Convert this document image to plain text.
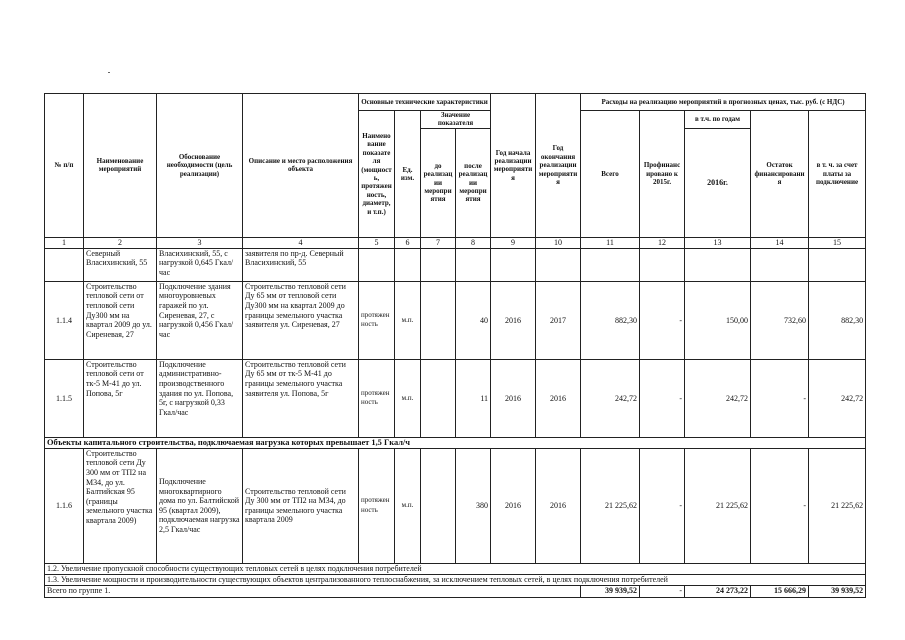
№ п/п	Наименование мероприятий	Обоснование необходимости (цель реализации)	Описание и место расположения объекта	Основные технические характеристики				Год начала реализации мероприятия	Год окончания реализации мероприятия	Расходы на реализацию мероприятий в прогнозных ценах, тыс. руб. (с НДС)				
				Наименование показателя (мощность, протяженность, диаметр, и т.п.)	Ед. изм.	Значение показателя				Всего	Профинансировано к 2015г.	в т.ч. по годам	Остаток финансирования	в т. ч. за счет платы за подключение
						до реализации мероприятия	после реализации мероприятия					2016г.		

1	2	3	4	5	6	7	8	9	10	11	12	13	14	15
	Северный Власихинский, 55	Власихинский, 55, с нагрузкой 0,645 Гкал/час	заявителя по пр-д. Северный Власихинский, 55											
1.1.4	Строительство тепловой сети от тепловой сети Ду300 мм на квартал 2009 до ул. Сиреневая, 27	Подключение здания многоуровневых гаражей по ул. Сиреневая, 27, с нагрузкой 0,456 Гкал/час	Строительство тепловой сети Ду 65 мм от тепловой сети Ду300 мм на квартал 2009 до границы земельного участка заявителя ул. Сиреневая, 27	протяженность	м.п.		40	2016	2017	882,30	-	150,00	732,60	882,30
1.1.5	Строительство тепловой сети от тк-5 М-41 до ул. Попова, 5г	Подключение административно-производственного здания по ул. Попова, 5г, с нагрузкой 0,33 Гкал/час	Строительство тепловой сети Ду 65 мм от тк-5 М-41 до границы земельного участка заявителя ул. Попова, 5г	протяженность	м.п.		11	2016	2016	242,72	-	242,72	-	242,72
Объекты капитального строительства, подключаемая нагрузка которых превышает 1,5 Гкал/ч														
1.1.6	Строительство тепловой сети Ду 300 мм от ТП2 на М34, до ул. Балтийская 95 (границы земельного участка квартала 2009)	Подключение многоквартирного дома по ул. Балтийской 95 (квартал 2009), подключаемая нагрузка 2,5 Гкал/час	Строительство тепловой сети Ду 300 мм от ТП2 на М34, до границы земельного участка квартала 2009	протяженность	м.п.		380	2016	2016	21 225,62	-	21 225,62	-	21 225,62
1.2. Увеличение пропускной способности существующих тепловых сетей в целях подключения потребителей														
1.3. Увеличение мощности и производительности существующих объектов централизованного теплоснабжения, за исключением тепловых сетей, в целях подключения потребителей														
Всего по группе 1.										39 939,52	-	24 273,22	15 666,29	39 939,52
